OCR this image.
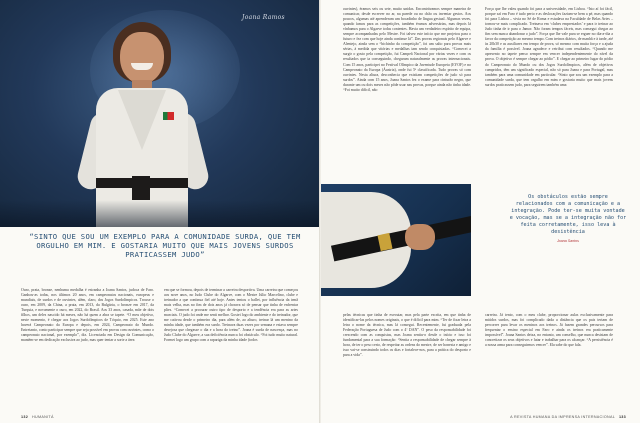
Joana Ramos
“SINTO QUE SOU UM EXEMPLO PARA A COMUNIDADE SURDA, QUE TEM ORGULHO EM MIM. E GOSTARIA MUITO QUE MAIS JOVENS SURDOS PRATICASSEM JUDO”
Ouro, prata, bronze, nenhuma medalha é estranha a Joana Santos, judoca de Faro. Ganhou-as todas, nos últimos 20 anos, em campeonatos nacionais, europeus e mundiais, de surdos e de ouvintes, além, claro, dos Jogos Surdolímpicos. Trouxe o ouro, em 2009, da China, a prata, em 2013, da Bulgária, o bronze em 2017, da Turquia, e novamente o ouro, em 2022, do Brasil. Aos 33 anos, casada, mãe de dois filhos, um deles nascido há meses, não há quem a abra se tapete. “O meu objetivo, neste momento, é chegar aos Jogos Surdolímpicos de Tóquio, em 2025. Este ano haverá Campeonato da Europa e depois, em 2024, Campeonato do Mundo. Entretanto, conto participar sempre que seja possível em provas com ouvintes, como o campeonato nacional, por exemplo”, diz. Licenciada em Design da Comunicação, mantém-se em dedicação exclusiva ao judo, mas quer tentar a sorte a área
em que se formou, depois de terminar a carreira desportiva. Uma carreira que começou aos nove anos, no Judo Clube do Algarve, com o Mestre Júlio Marcelino, clube e treinador a que continua fiel até hoje. Antes tentou o ballet, por influência da irmã mais velha, mas no fim de dois anos já chorava só de pensar que tinha de enfrentar plies. “Comecei a procurar outro tipo de desporto e a tendência era para as artes marciais. O judo foi onde me senti melhor. Gostei logo do ambiente e do treinador, que me cativou desde o primeiro dia, para além de, ao alturo, treinar lá um menino da minha idade, que também era surdo. Treinava duas vezes por semana e estava sempre desejosa que chegasse o dia e a hora do treino”. Joana é surda de nascença, mas no Judo Clube do Algarve, a sua deficiência nunca foi obstáculo. “Foi tudo muito natural. Formei logo um grupo com a rapariga da minha idade (todos
132 HUMANITÁ
ouvintes), éramos seis ou sete, muito unidas. Encontrávamos sempre maneira de comunicar, desde escrever no ar, na parede ou no chão ou inventar gestos. Aos poucos, algumas até aprenderam um bocadinho de língua gestual. Algumas vezes, quando íamos para as competições, também éramos adversárias, mas depois lá vínhamos para o Algarve todas contentes. Havia um verdadeiro espírito de equipa, sempre acompanhadas pelo Mestre. Foi talvez este início que me projetou para o futuro e fez com que hoje ainda continue lá”. Das provas regionais pelo Algarve e Alentejo, ainda sem o “bichinho da competição”, foi um salto para provas mais sérias, à medida que vitórias e medalhas iam sendo conquistadas. “Comecei a surgir o gosto pela competição, fui Campeã Nacional por várias vezes e com os resultados que ia conseguindo, chegaram naturalmente as provas internacionais. Com 15 anos, participei no Festival Olímpico da Juventude Europeia (EYOF) e no Campeonato da Europa (Áustria), onde fui 5ª classificada. Tudo provas só com ouvintes. Nesta altura, desconhecia que existiam competições de judo só para surdos”. Ainda com 15 anos, Joana Santos fez o exame para cinturão negro, que durante um ou dois meses não pôde usar nas provas, porque ainda não tinha idade. “Foi muito difícil, não
Força que lhe valeu quando foi para a universidade, em Lisboa. “Isto aí foi fácil, porque saí em Faro é tudo perto e as deslocações faziam-se bem a pé, mas quando foi para Lisboa – vivia no Sé de Roma e estudava na Faculdade de Belas Artes – tornou-se mais complicado. Treinava em ‘clubes emprestados’ e para ir treinar ao Judo tinha de ir para o Jamor. Não foram tempos fáceis, mas consegui chegar ao fim sem nunca abandonar o judo”. Força que lhe vale para se erguer no dia-a-dia a favor da competição ao mesmo tempo. Com treinos diários, de manhã e à tarde, até às 20h30 e as auxiliares em tempo de prova, só mesmo com muita força e a ajuda da família é possível. Joana agradece e retribui com resultados. “Quando me apresento no tapete penso sempre em vencer independentemente do nível da prova. O objetivo é sempre chegar ao pódio”. E chegar ao primeiro lugar do pódio do Campeonato do Mundo ou dos Jogos Surdolímpicos, além de objetivos cumpridos, têm um significado especial, não só para Joana e para Portugal, mas também para uma comunidade em particular. “Sinto que sou um exemplo para a comunidade surda, que tem orgulho em mim e gostaria muito que mais jovens surdos praticassem judo, para seguirem também uma
Os obstáculos estão sempre relacionados com a comunicação e a integração. Pode ter-se muita vontade e vocação, mas se a integração não for feita corretamente, isso leva à desistência
Joana Santos
pelas técnicas que tinha de executar, mas pela parte escrita, em que tinha de identificar-las pelos nomes originais, o que é difícil para mim. “Ter de fixar letra a letra o nome da técnica, mas lá consegui. Recentemente, fui graduada pela Federação Portuguesa de Judo com o 4º DAN”. O peso da responsabilidade foi crescendo com as conquistas, mas Joana sentiu-o desde o início e isso foi fundamental para a sua formação: “Sentia a responsabilidade de chegar sempre à hora, de ter o peso certo, de respeitar as ordens do mestre, de ser honesta e amigo e isso vai-se construindo todos os dias e fortalece-nos, para a prática do desporto e para a vida”.
carreira. Já tento, com o meu clube, proporcionar aulas exclusivamente para miúdos surdos, mas foi complicado dada a distância que os pais teriam de percorrer para levar os meninos aos treinos. Já fazem grandes percursos para frequentar o ensino especial em Faro e ainda os treinos era praticamente impossível”. Joana Santos deixa, no entanto, um conselho, que nunca desistam de concretizar os seus objetivos e lutar e trabalhar para os alcançar. “A persistência é a nossa arma para conseguirmos vencer”. Ela sabe do que fala.
A REVISTA HUMANA DA IMPRENSA INTERNACIONAL 133
